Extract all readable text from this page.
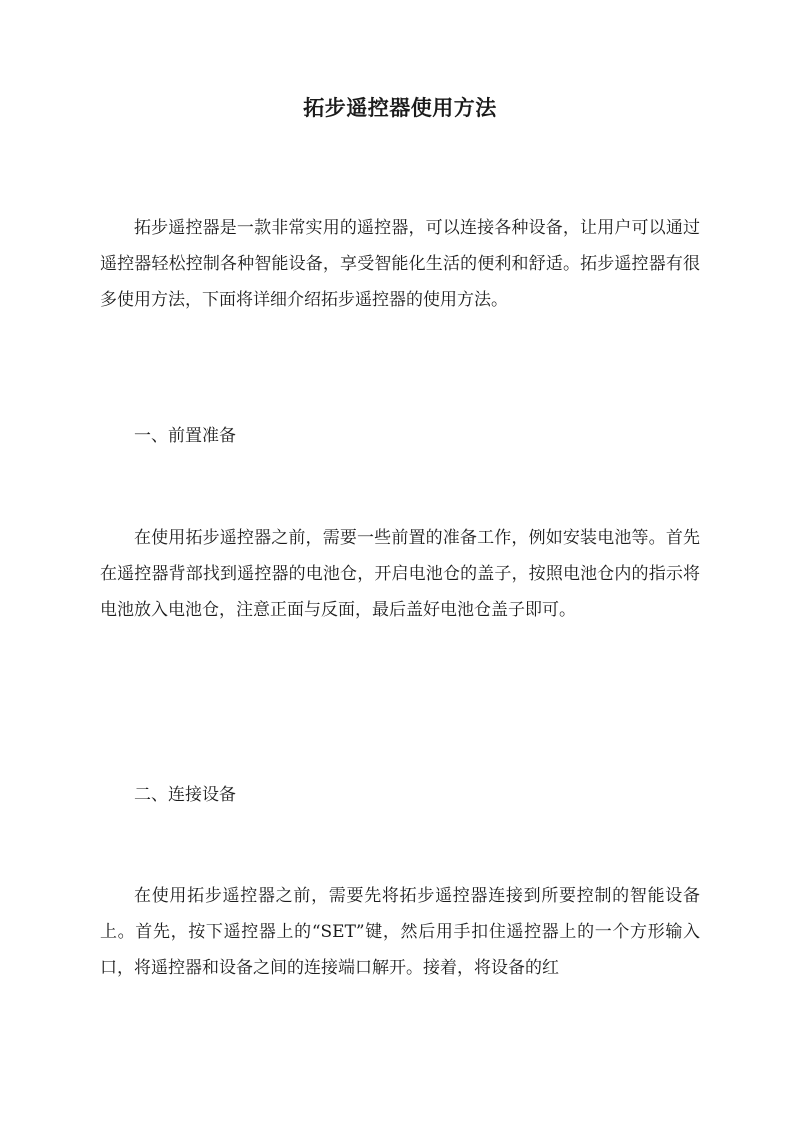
拓步遥控器使用方法

拓步遥控器是一款非常实用的遥控器，可以连接各种设备，让用户可以通过遥控器轻松控制各种智能设备，享受智能化生活的便利和舒适。拓步遥控器有很多使用方法，下面将详细介绍拓步遥控器的使用方法。

一、前置准备

在使用拓步遥控器之前，需要一些前置的准备工作，例如安装电池等。首先在遥控器背部找到遥控器的电池仓，开启电池仓的盖子，按照电池仓内的指示将电池放入电池仓，注意正面与反面，最后盖好电池仓盖子即可。

二、连接设备

在使用拓步遥控器之前，需要先将拓步遥控器连接到所要控制的智能设备上。首先，按下遥控器上的“SET”键，然后用手扣住遥控器上的一个方形输入口，将遥控器和设备之间的连接端口解开。接着，将设备的红
